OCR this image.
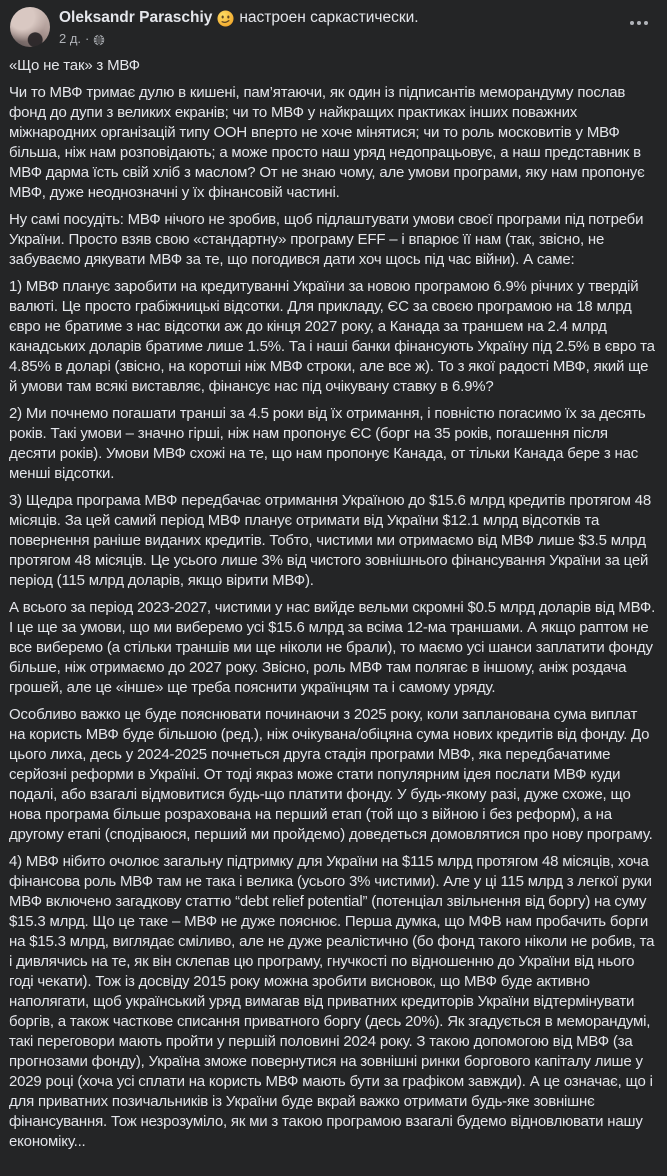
Oleksandr Paraschiy настроен саркастически.
2 д. ·

«Що не так» з МВФ

Чи то МВФ тримає дулю в кишені, пам’ятаючи, як один із підписантів меморандуму послав фонд до дупи з великих екранів; чи то МВФ у найкращих практиках інших поважних міжнародних організацій типу ООН вперто не хоче мінятися; чи то роль московитів у МВФ більша, ніж нам розповідають; а може просто наш уряд недопрацьовує, а наш представник в МВФ дарма їсть свій хліб з маслом? От не знаю чому, але умови програми, яку нам пропонує МВФ, дуже неоднозначні у їх фінансовій частині.

Ну самі посудіть: МВФ нічого не зробив, щоб підлаштувати умови своєї програми під потреби України. Просто взяв свою «стандартну» програму EFF – і впарює її нам (так, звісно, не забуваємо дякувати МВФ за те, що погодився дати хоч щось під час війни). А саме:

1) МВФ планує заробити на кредитуванні України за новою програмою 6.9% річних у твердій валюті. Це просто грабіжницькі відсотки. Для прикладу, ЄС за своєю програмою на 18 млрд євро не братиме з нас відсотки аж до кінця 2027 року, а Канада за траншем на 2.4 млрд канадських доларів братиме лише 1.5%. Та і наші банки фінансують Україну під 2.5% в євро та 4.85% в доларі (звісно, на коротші ніж МВФ строки, але все ж). То з якої радості МВФ, який ще й умови там всякі виставляє, фінансує нас під очікувану ставку в 6.9%?

2) Ми почнемо погашати транші за 4.5 роки від їх отримання, і повністю погасимо їх за десять років. Такі умови – значно гірші, ніж нам пропонує ЄС (борг на 35 років, погашення після десяти років). Умови МВФ схожі на те, що нам пропонує Канада, от тільки Канада бере з нас менші відсотки.

3) Щедра програма МВФ передбачає отримання Україною до $15.6 млрд кредитів протягом 48 місяців. За цей самий період МВФ планує отримати від України $12.1 млрд відсотків та повернення раніше виданих кредитів. Тобто, чистими ми отримаємо від МВФ лише $3.5 млрд протягом 48 місяців. Це усього лише 3% від чистого зовнішнього фінансування України за цей період (115 млрд доларів, якщо вірити МВФ).

А всього за період 2023-2027, чистими у нас вийде вельми скромні $0.5 млрд доларів від МВФ. І це ще за умови, що ми виберемо усі $15.6 млрд за всіма 12-ма траншами. А якщо раптом не все виберемо (а стільки траншів ми ще ніколи не брали), то маємо усі шанси заплатити фонду більше, ніж отримаємо до 2027 року. Звісно, роль МВФ там полягає в іншому, аніж роздача грошей, але це «інше» ще треба пояснити українцям та і самому уряду.

Особливо важко це буде пояснювати починаючи з 2025 року, коли запланована сума виплат на користь МВФ буде більшою (ред.), ніж очікувана/обіцяна сума нових кредитів від фонду. До цього лиха, десь у 2024-2025 почнеться друга стадія програми МВФ, яка передбачатиме серйозні реформи в Україні. От тоді якраз може стати популярним ідея послати МВФ куди подалі, або взагалі відмовитися будь-що платити фонду. У будь-якому разі, дуже схоже, що нова програма більше розрахована на перший етап (той що з війною і без реформ), а на другому етапі (сподіваюся, перший ми пройдемо) доведеться домовлятися про нову програму.

4) МВФ нібито очолює загальну підтримку для України на $115 млрд протягом 48 місяців, хоча фінансова роль МВФ там не така і велика (усього 3% чистими). Але у ці 115 млрд з легкої руки МВФ включено загадкову статтю “debt relief potential” (потенціал звільнення від боргу) на суму $15.3 млрд. Що це таке – МВФ не дуже пояснює. Перша думка, що МФВ нам пробачить борги на $15.3 млрд, виглядає сміливо, але не дуже реалістично (бо фонд такого ніколи не робив, та і дивлячись на те, як він склепав цю програму, гнучкості по відношенню до України від нього годі чекати). Тож із досвіду 2015 року можна зробити висновок, що МВФ буде активно наполягати, щоб український уряд вимагав від приватних кредиторів України відтермінувати боргів, а також часткове списання приватного боргу (десь 20%). Як згадується в меморандумі, такі переговори мають пройти у першій половині 2024 року. З такою допомогою від МВФ (за прогнозами фонду), Україна зможе повернутися на зовнішні ринки боргового капіталу лише у 2029 році (хоча усі сплати на користь МВФ мають бути за графіком завжди). А це означає, що і для приватних позичальників із України буде вкрай важко отримати будь-яке зовнішнє фінансування. Тож незрозуміло, як ми з такою програмою взагалі будемо відновлювати нашу економіку...
